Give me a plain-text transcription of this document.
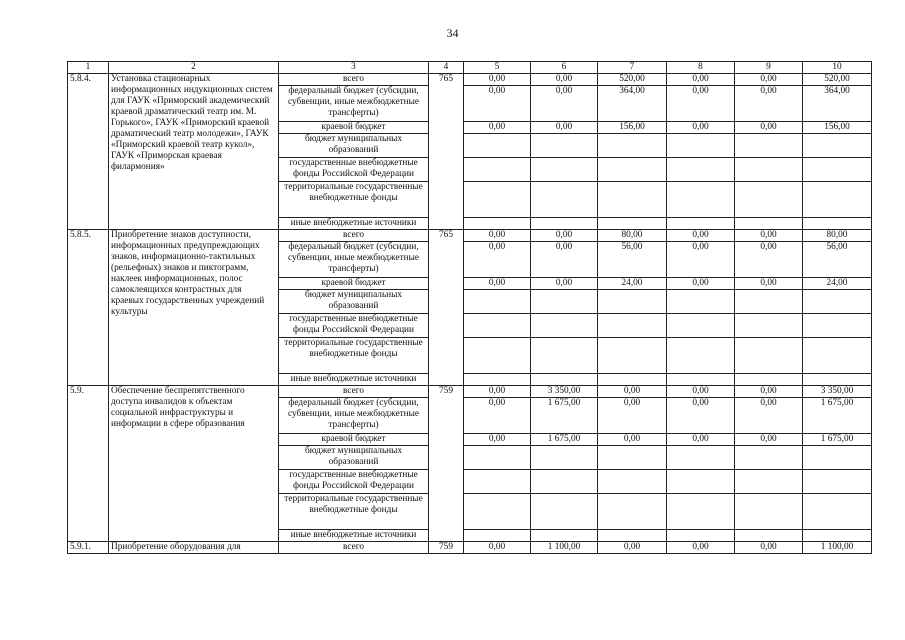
34
1	2	3	4	5	6	7	8	9	10
5.8.4.	Установка стационарных информационных индукционных систем для ГАУК «Приморский академический краевой драматический театр им. М. Горького», ГАУК «Приморский краевой драматический театр молодежи», ГАУК «Приморский краевой театр кукол», ГАУК «Приморская краевая филармония»	всего	765	0,00	0,00	520,00	0,00	0,00	520,00
		федеральный бюджет (субсидии, субвенции, иные межбюджетные трансферты)		0,00	0,00	364,00	0,00	0,00	364,00
		краевой бюджет		0,00	0,00	156,00	0,00	0,00	156,00
		бюджет муниципальных образований							
		государственные внебюджетные фонды Российской Федерации							
		территориальные государственные внебюджетные фонды							
		иные внебюджетные источники							
5.8.5.	Приобретение знаков доступности, информационных предупреждающих знаков, информационно-тактильных (рельефных) знаков и пиктограмм, наклеек информационных, полос самоклеящихся контрастных для краевых государственных учреждений культуры	всего	765	0,00	0,00	80,00	0,00	0,00	80,00
		федеральный бюджет (субсидии, субвенции, иные межбюджетные трансферты)		0,00	0,00	56,00	0,00	0,00	56,00
		краевой бюджет		0,00	0,00	24,00	0,00	0,00	24,00
		бюджет муниципальных образований							
		государственные внебюджетные фонды Российской Федерации							
		территориальные государственные внебюджетные фонды							
		иные внебюджетные источники							
5.9.	Обеспечение беспрепятственного доступа инвалидов к объектам социальной инфраструктуры и информации в сфере образования	всего	759	0,00	3 350,00	0,00	0,00	0,00	3 350,00
		федеральный бюджет (субсидии, субвенции, иные межбюджетные трансферты)		0,00	1 675,00	0,00	0,00	0,00	1 675,00
		краевой бюджет		0,00	1 675,00	0,00	0,00	0,00	1 675,00
		бюджет муниципальных образований							
		государственные внебюджетные фонды Российской Федерации							
		территориальные государственные внебюджетные фонды							
		иные внебюджетные источники							
5.9.1.	Приобретение оборудования для	всего	759	0,00	1 100,00	0,00	0,00	0,00	1 100,00
